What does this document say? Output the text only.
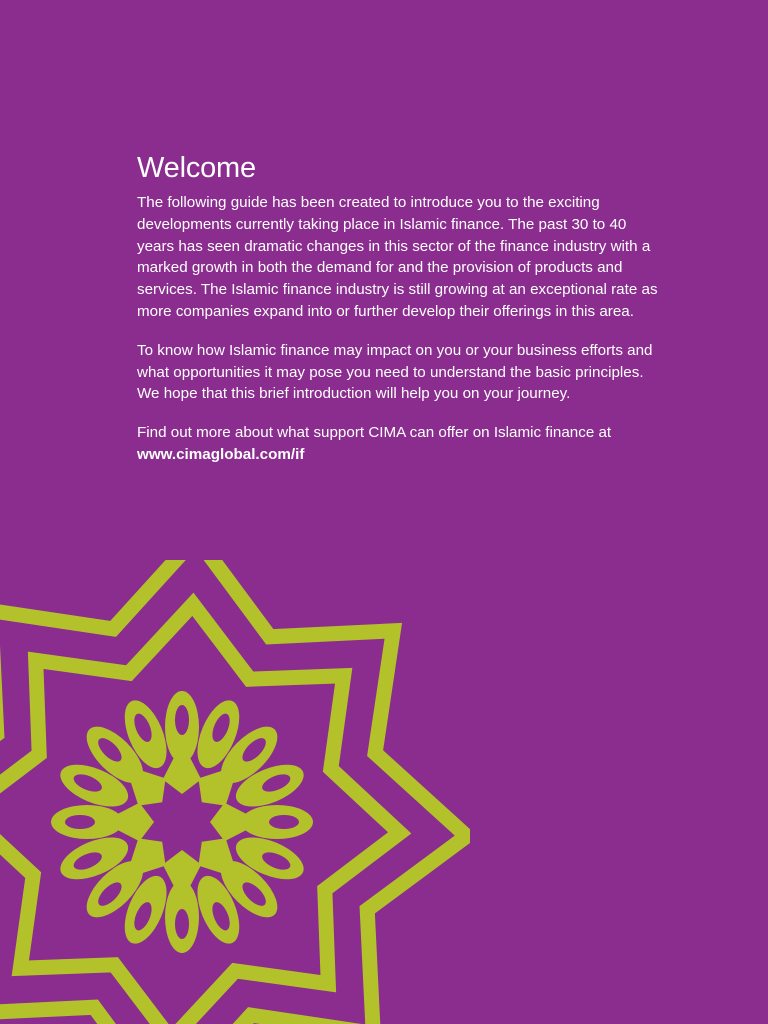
Welcome

The following guide has been created to introduce you to the exciting developments currently taking place in Islamic finance. The past 30 to 40 years has seen dramatic changes in this sector of the finance industry with a marked growth in both the demand for and the provision of products and services. The Islamic finance industry is still growing at an exceptional rate as more companies expand into or further develop their offerings in this area.

To know how Islamic finance may impact on you or your business efforts and what opportunities it may pose you need to understand the basic principles. We hope that this brief introduction will help you on your journey.

Find out more about what support CIMA can offer on Islamic finance at
www.cimaglobal.com/if
